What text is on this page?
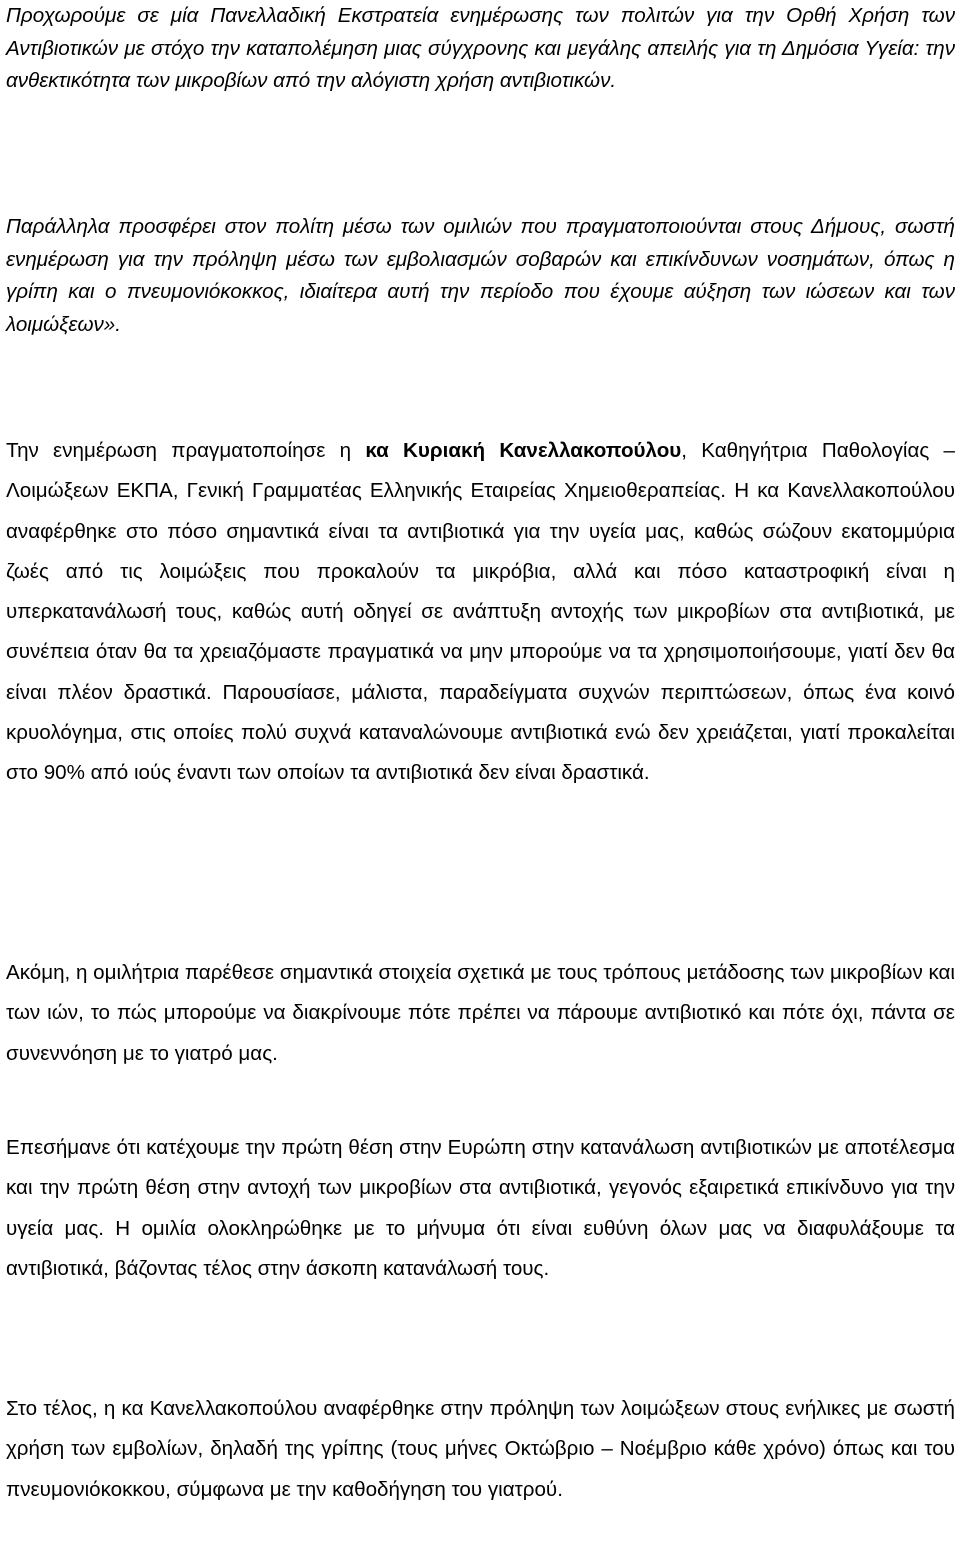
Προχωρούμε σε μία Πανελλαδική Εκστρατεία ενημέρωσης των πολιτών για την Ορθή Χρήση των Αντιβιοτικών με στόχο την καταπολέμηση μιας σύγχρονης και μεγάλης απειλής για τη Δημόσια Υγεία: την ανθεκτικότητα των μικροβίων από την αλόγιστη χρήση αντιβιοτικών.

Παράλληλα προσφέρει στον πολίτη μέσω των ομιλιών που πραγματοποιούνται στους Δήμους, σωστή ενημέρωση για την πρόληψη μέσω των εμβολιασμών σοβαρών και επικίνδυνων νοσημάτων, όπως η γρίπη και ο πνευμονιόκοκκος, ιδιαίτερα αυτή την περίοδο που έχουμε αύξηση των ιώσεων και των λοιμώξεων».

Την ενημέρωση πραγματοποίησε η κα Κυριακή Κανελλακοπούλου, Καθηγήτρια Παθολογίας – Λοιμώξεων ΕΚΠΑ, Γενική Γραμματέας Ελληνικής Εταιρείας Χημειοθεραπείας. Η κα Κανελλακοπούλου αναφέρθηκε στο πόσο σημαντικά είναι τα αντιβιοτικά για την υγεία μας, καθώς σώζουν εκατομμύρια ζωές από τις λοιμώξεις που προκαλούν τα μικρόβια, αλλά και πόσο καταστροφική είναι η υπερκατανάλωσή τους, καθώς αυτή οδηγεί σε ανάπτυξη αντοχής των μικροβίων στα αντιβιοτικά, με συνέπεια όταν θα τα χρειαζόμαστε πραγματικά να μην μπορούμε να τα χρησιμοποιήσουμε, γιατί δεν θα είναι πλέον δραστικά. Παρουσίασε, μάλιστα, παραδείγματα συχνών περιπτώσεων, όπως ένα κοινό κρυολόγημα, στις οποίες πολύ συχνά καταναλώνουμε αντιβιοτικά ενώ δεν χρειάζεται, γιατί προκαλείται στο 90% από ιούς έναντι των οποίων τα αντιβιοτικά δεν είναι δραστικά.

Ακόμη, η ομιλήτρια παρέθεσε σημαντικά στοιχεία σχετικά με τους τρόπους μετάδοσης των μικροβίων και των ιών, το πώς μπορούμε να διακρίνουμε πότε πρέπει να πάρουμε αντιβιοτικό και πότε όχι, πάντα σε συνεννόηση με το γιατρό μας.

Επεσήμανε ότι κατέχουμε την πρώτη θέση στην Ευρώπη στην κατανάλωση αντιβιοτικών με αποτέλεσμα και την πρώτη θέση στην αντοχή των μικροβίων στα αντιβιοτικά, γεγονός εξαιρετικά επικίνδυνο για την υγεία μας. Η ομιλία ολοκληρώθηκε με το μήνυμα ότι είναι ευθύνη όλων μας να διαφυλάξουμε τα αντιβιοτικά, βάζοντας τέλος στην άσκοπη κατανάλωσή τους.

Στο τέλος, η κα Κανελλακοπούλου αναφέρθηκε στην πρόληψη των λοιμώξεων στους ενήλικες με σωστή χρήση των εμβολίων, δηλαδή της γρίπης (τους μήνες Οκτώβριο – Νοέμβριο κάθε χρόνο) όπως και του πνευμονιόκοκκου, σύμφωνα με την καθοδήγηση του γιατρού.
